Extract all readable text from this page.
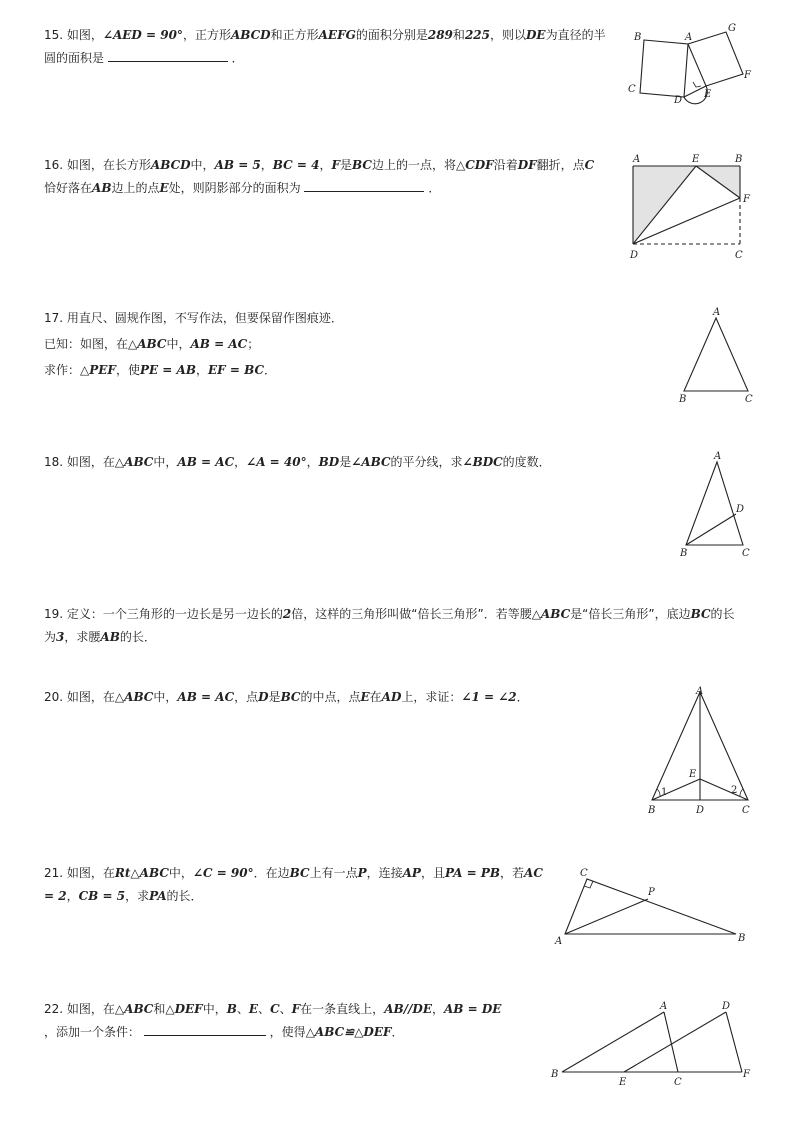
15. 如图，∠AED = 90°，正方形ABCD和正方形AEFG的面积分别是289和225，则以DE为直径的半

圆的面积是	．

B	A
G
C
D
E
F

16. 如图，在长方形ABCD中，AB = 5，BC = 4，F是BC边上的一点，将△CDF沿着DF翻折，点C

恰好落在AB边上的点E处，则阴影部分的面积为	．

A	E	B
F
D	C

17. 用直尺、圆规作图，不写作法，但要保留作图痕迹．

已知：如图，在△ABC中，AB = AC；

求作：△PEF，使PE = AB，EF = BC．

A
B	C

18. 如图，在△ABC中，AB = AC，∠A = 40°，BD是∠ABC的平分线，求∠BDC的度数．	A
D
B	C

19. 定义：一个三角形的一边长是另一边长的2倍，这样的三角形叫做“倍长三角形”．若等腰△ABC是“倍长三角形”，底边BC的长为3，求腰AB的长．

20. 如图，在△ABC中，AB = AC，点D是BC的中点，点E在AD上，求证：∠1 = ∠2．	A
E
1	2
B	D	C

21. 如图，在Rt△ABC中，∠C = 90°．在边BC上有一点P，连接AP，且PA = PB，若AC = 2，CB = 5，求PA的长．

C
P
A	B

22. 如图，在△ABC和△DEF中，B、E、C、F在一条直线上，AB//DE，AB = DE

，添加一个条件：	，使得△ABC≌△DEF．

A	D
B
E	C
F
